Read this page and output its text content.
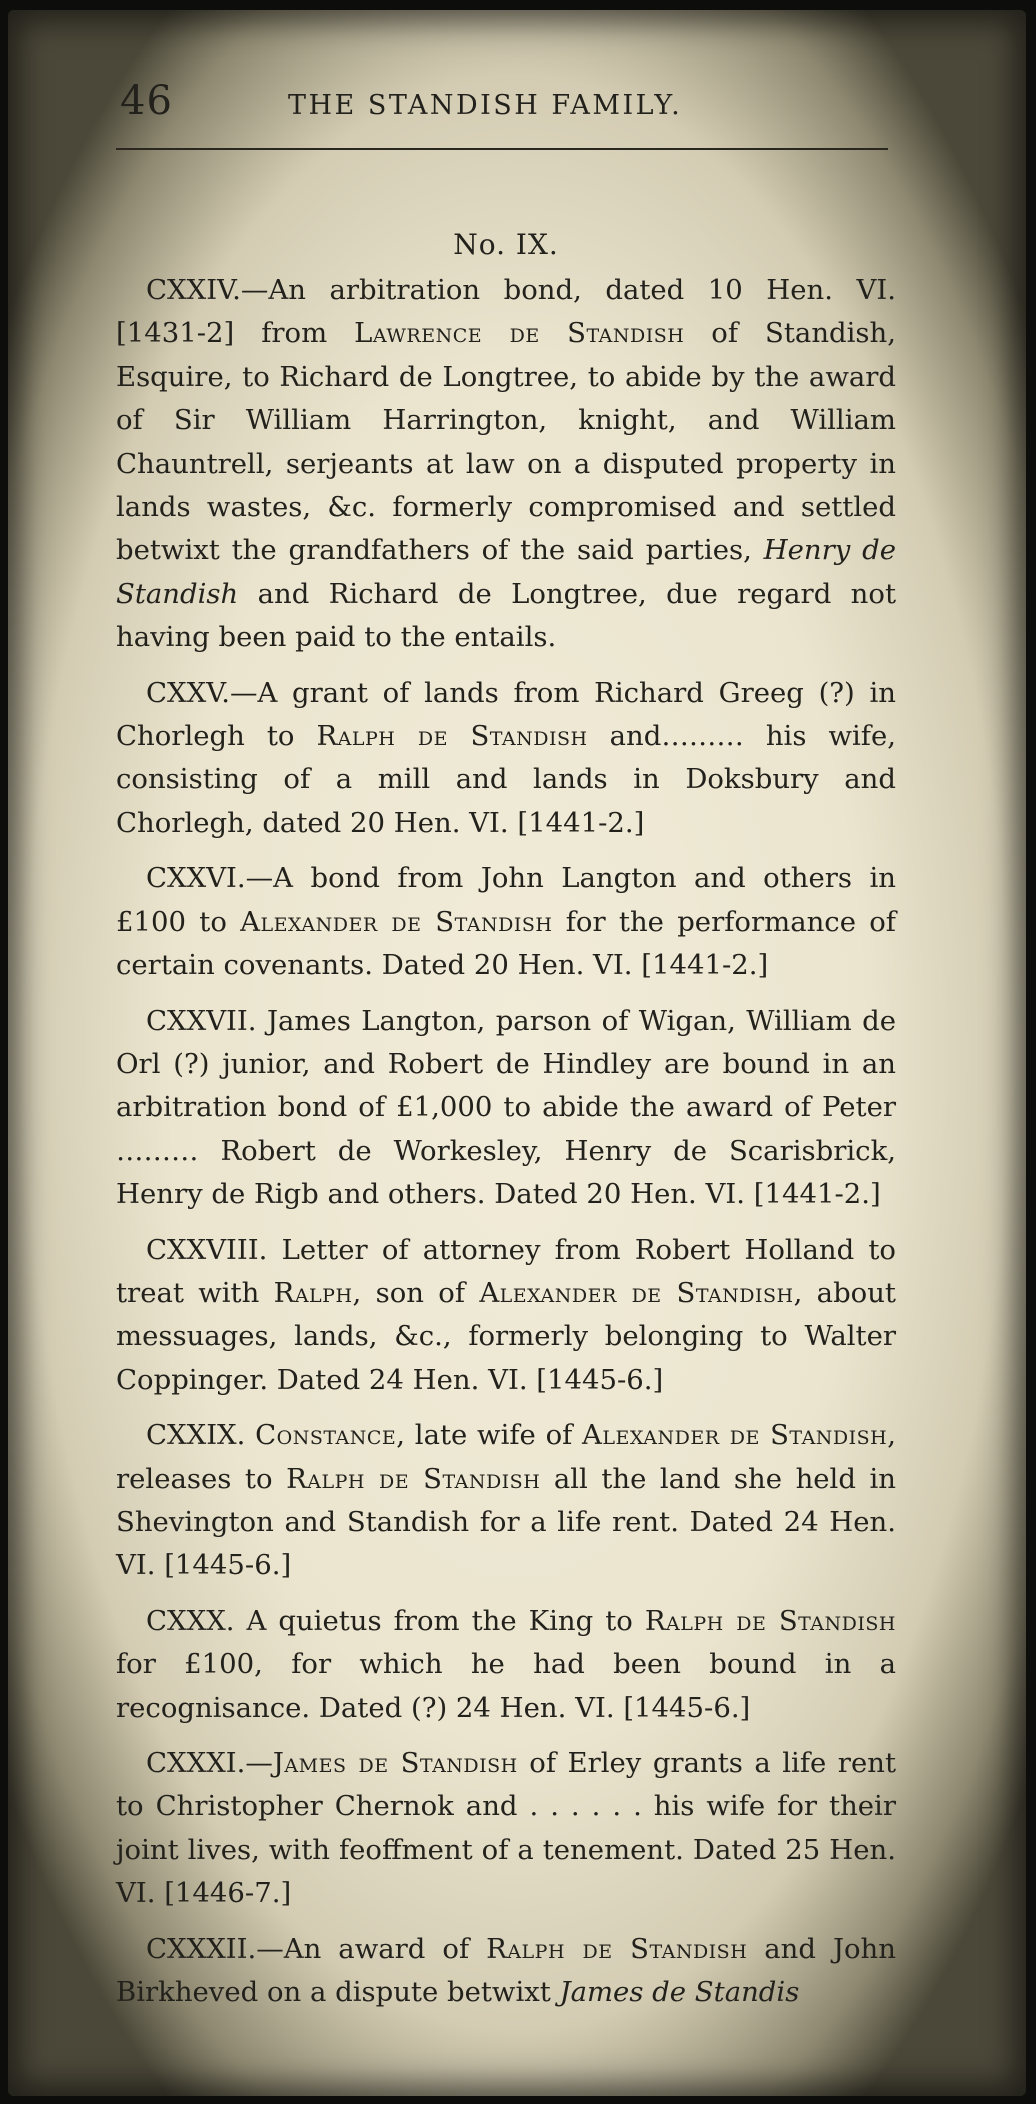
46	THE STANDISH FAMILY.
No. IX.

CXXIV.—An arbitration bond, dated 10 Hen. VI. [1431-2] from Lawrence de Standish of Standish, Esquire, to Richard de Longtree, to abide by the award of Sir William Harrington, knight, and William Chauntrell, serjeants at law on a disputed property in lands wastes, &c. formerly compromised and settled betwixt the grandfathers of the said parties, Henry de Standish and Richard de Longtree, due regard not having been paid to the entails.

CXXV.—A grant of lands from Richard Greeg (?) in Chorlegh to Ralph de Standish and……… his wife, consisting of a mill and lands in Doksbury and Chorlegh, dated 20 Hen. VI. [1441-2.]

CXXVI.—A bond from John Langton and others in £100 to Alexander de Standish for the performance of certain covenants. Dated 20 Hen. VI. [1441-2.]

CXXVII. James Langton, parson of Wigan, William de Orl (?) junior, and Robert de Hindley are bound in an arbitration bond of £1,000 to abide the award of Peter ……… Robert de Workesley, Henry de Scarisbrick, Henry de Rigb and others. Dated 20 Hen. VI. [1441-2.]

CXXVIII. Letter of attorney from Robert Holland to treat with Ralph, son of Alexander de Standish, about messuages, lands, &c., formerly belonging to Walter Coppinger. Dated 24 Hen. VI. [1445-6.]

CXXIX. Constance, late wife of Alexander de Standish, releases to Ralph de Standish all the land she held in Shevington and Standish for a life rent. Dated 24 Hen. VI. [1445-6.]

CXXX. A quietus from the King to Ralph de Standish for £100, for which he had been bound in a recognisance. Dated (?) 24 Hen. VI. [1445-6.]

CXXXI.—James de Standish of Erley grants a life rent to Christopher Chernok and . . . . . . his wife for their joint lives, with feoffment of a tenement. Dated 25 Hen. VI. [1446-7.]

CXXXII.—An award of Ralph de Standish and John Birkheved on a dispute betwixt James de Standis
